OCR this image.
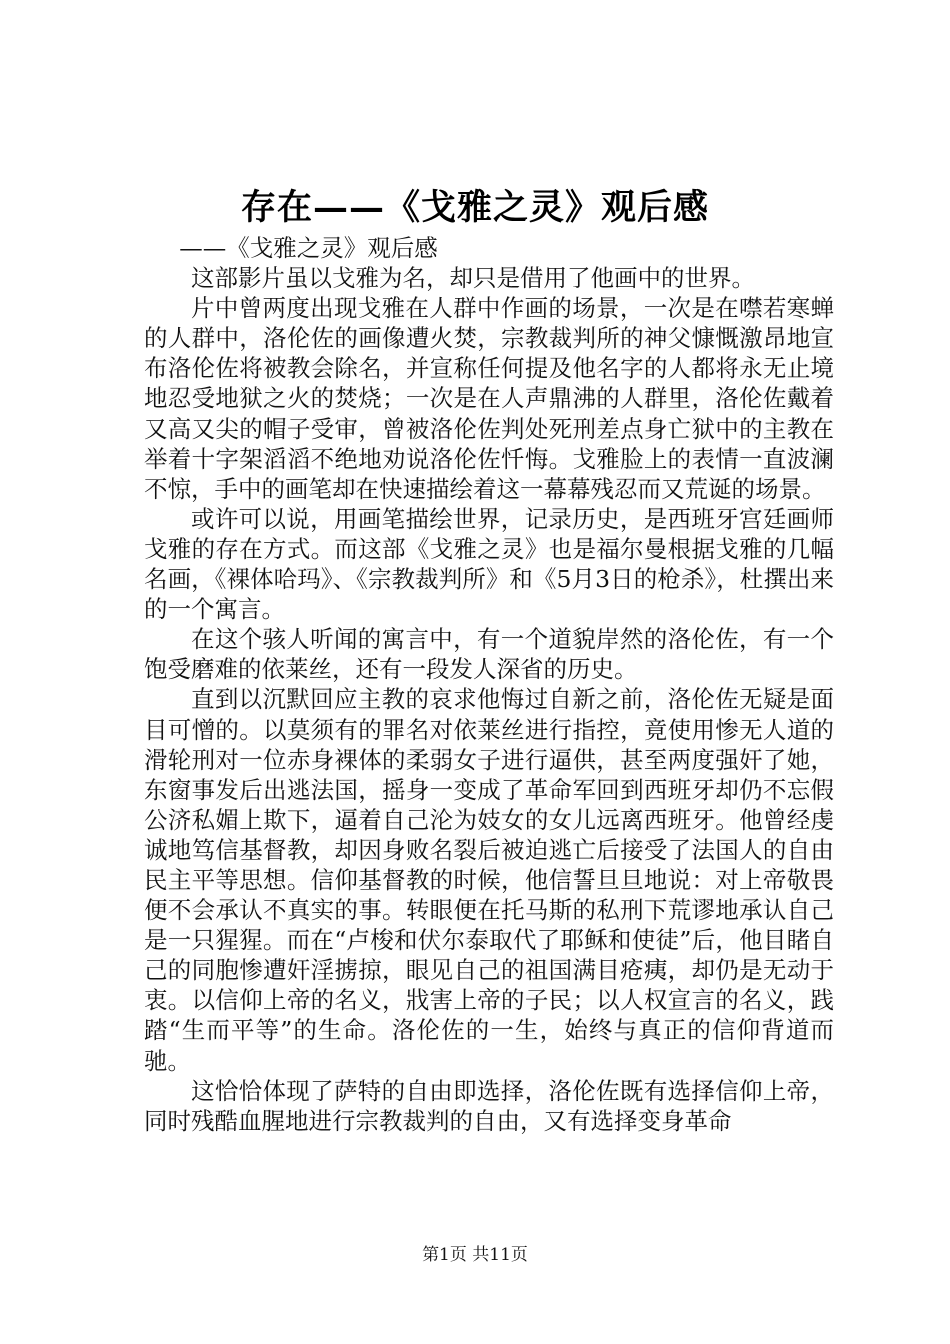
存在——《戈雅之灵》观后感

——《戈雅之灵》观后感

这部影片虽以戈雅为名，却只是借用了他画中的世界。

片中曾两度出现戈雅在人群中作画的场景，一次是在噤若寒蝉的人群中，洛伦佐的画像遭火焚，宗教裁判所的神父慷慨激昂地宣布洛伦佐将被教会除名，并宣称任何提及他名字的人都将永无止境地忍受地狱之火的焚烧；一次是在人声鼎沸的人群里，洛伦佐戴着又高又尖的帽子受审，曾被洛伦佐判处死刑差点身亡狱中的主教在举着十字架滔滔不绝地劝说洛伦佐忏悔。戈雅脸上的表情一直波澜不惊，手中的画笔却在快速描绘着这一幕幕残忍而又荒诞的场景。

或许可以说，用画笔描绘世界，记录历史，是西班牙宫廷画师戈雅的存在方式。而这部《戈雅之灵》也是福尔曼根据戈雅的几幅名画，《裸体哈玛》、《宗教裁判所》和《5月3日的枪杀》，杜撰出来的一个寓言。

在这个骇人听闻的寓言中，有一个道貌岸然的洛伦佐，有一个饱受磨难的依莱丝，还有一段发人深省的历史。

直到以沉默回应主教的哀求他悔过自新之前，洛伦佐无疑是面目可憎的。以莫须有的罪名对依莱丝进行指控，竟使用惨无人道的滑轮刑对一位赤身裸体的柔弱女子进行逼供，甚至两度强奸了她，东窗事发后出逃法国，摇身一变成了革命军回到西班牙却仍不忘假公济私媚上欺下，逼着自己沦为妓女的女儿远离西班牙。他曾经虔诚地笃信基督教，却因身败名裂后被迫逃亡后接受了法国人的自由民主平等思想。信仰基督教的时候，他信誓旦旦地说：对上帝敬畏便不会承认不真实的事。转眼便在托马斯的私刑下荒谬地承认自己是一只猩猩。而在“卢梭和伏尔泰取代了耶稣和使徒”后，他目睹自己的同胞惨遭奸淫掳掠，眼见自己的祖国满目疮痍，却仍是无动于衷。以信仰上帝的名义，戕害上帝的子民；以人权宣言的名义，践踏“生而平等”的生命。洛伦佐的一生，始终与真正的信仰背道而驰。

这恰恰体现了萨特的自由即选择，洛伦佐既有选择信仰上帝，同时残酷血腥地进行宗教裁判的自由，又有选择变身革命

第1页 共11页
